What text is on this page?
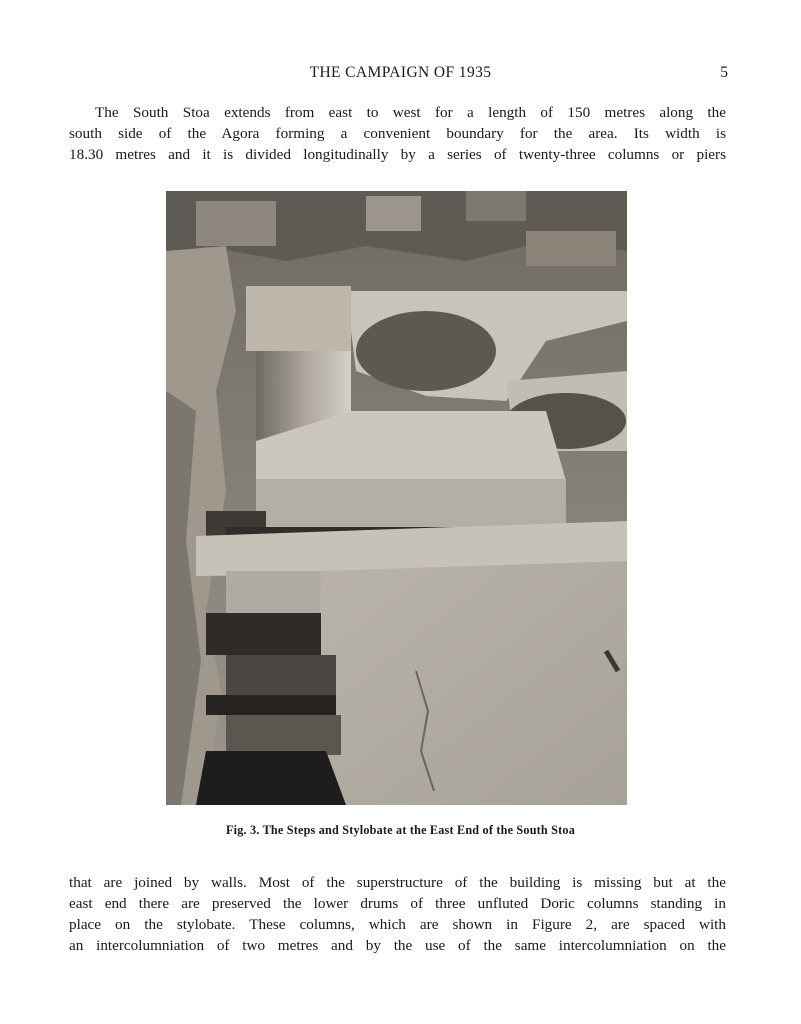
THE CAMPAIGN OF 1935	5
The South Stoa extends from east to west for a length of 150 metres along the
south side of the Agora forming a convenient boundary for the area. Its width is
18.30 metres and it is divided longitudinally by a series of twenty-three columns or piers
Fig. 3. The Steps and Stylobate at the East End of the South Stoa
that are joined by walls. Most of the superstructure of the building is missing but at the
east end there are preserved the lower drums of three unfluted Doric columns standing in
place on the stylobate. These columns, which are shown in Figure 2, are spaced with
an intercolumniation of two metres and by the use of the same intercolumniation on the
